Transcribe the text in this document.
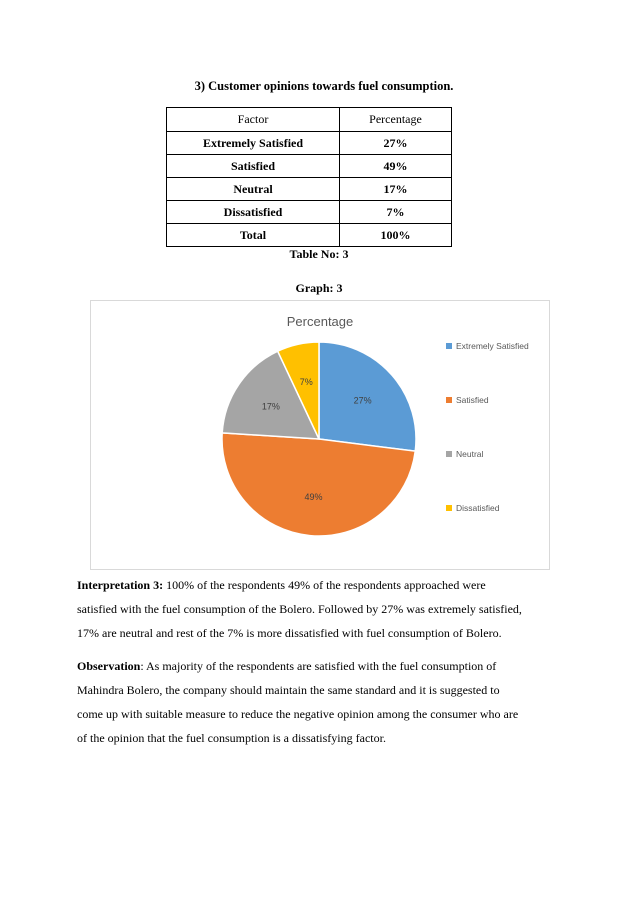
3) Customer opinions towards fuel consumption.
Factor	Percentage
Extremely Satisfied	27%
Satisfied	49%
Neutral	17%
Dissatisfied	7%
Total	100%
Table No: 3
Graph: 3
Percentage
27%
49%
17%
7%
Extremely Satisfied
Satisfied
Neutral
Dissatisfied
Interpretation 3: 100% of the respondents 49% of the respondents approached were
satisfied with the fuel consumption of the Bolero. Followed by 27% was extremely satisfied,
17% are neutral and rest of the 7% is more dissatisfied with fuel consumption of Bolero.
Observation: As majority of the respondents are satisfied with the fuel consumption of
Mahindra Bolero, the company should maintain the same standard and it is suggested to
come up with suitable measure to reduce the negative opinion among the consumer who are
of the opinion that the fuel consumption is a dissatisfying factor.
